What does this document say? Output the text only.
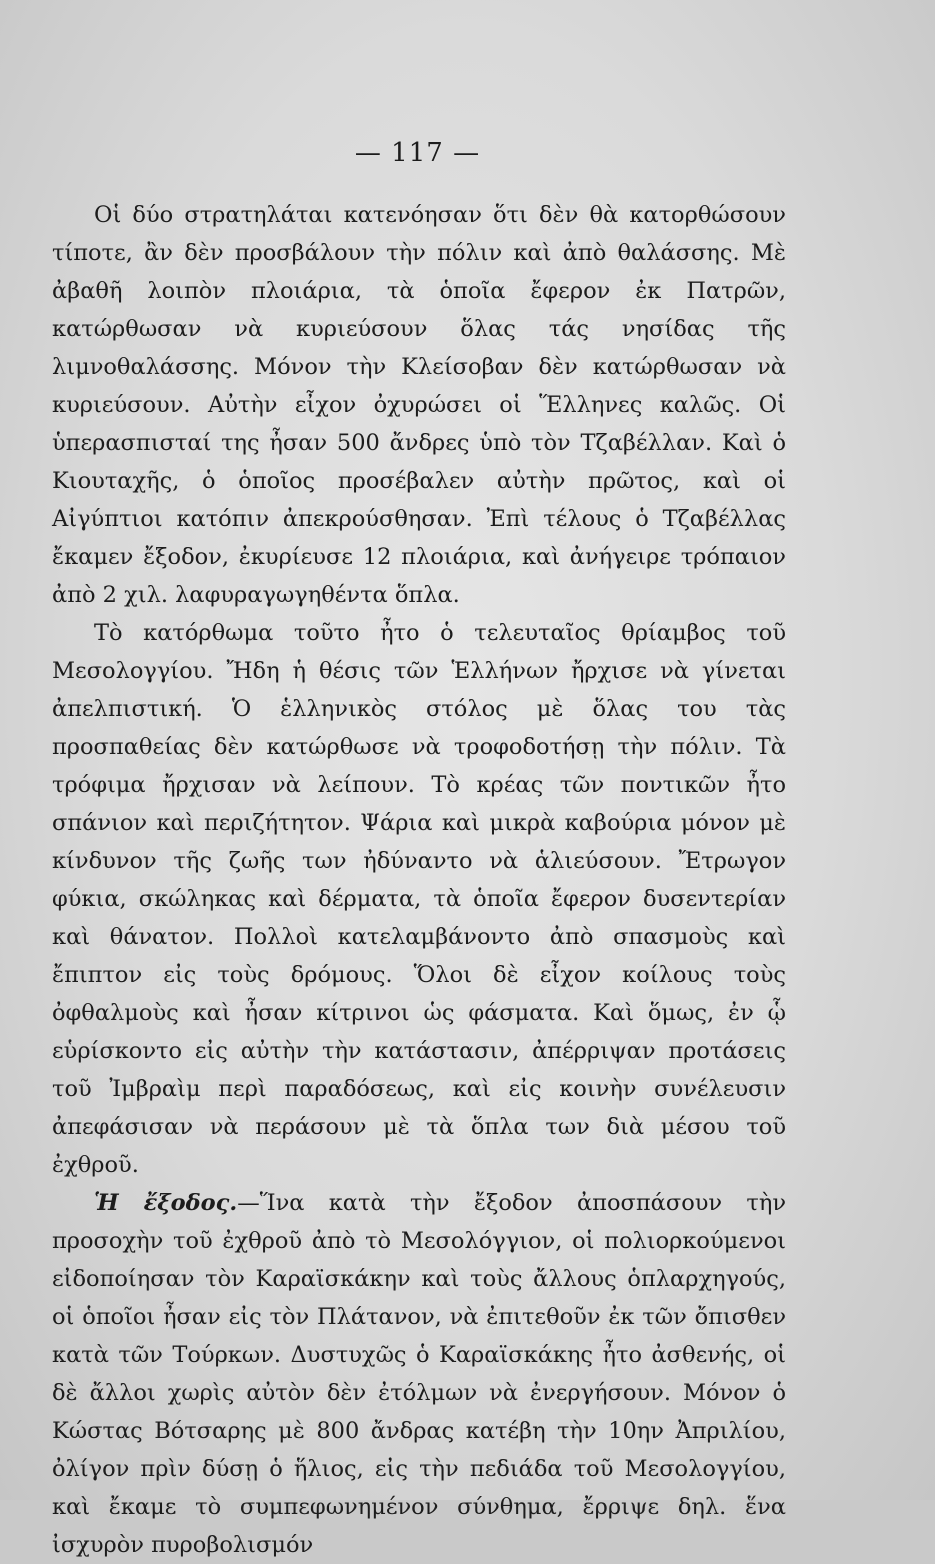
— 117 —

Οἱ δύο στρατηλάται κατενόησαν ὅτι δὲν θὰ κατορθώσουν τίποτε, ἂν δὲν προσβάλουν τὴν πόλιν καὶ ἀπὸ θαλάσσης. Μὲ ἀβαθῆ λοιπὸν πλοιάρια, τὰ ὁποῖα ἔφερον ἐκ Πατρῶν, κατώρθωσαν νὰ κυριεύσουν ὅλας τάς νησίδας τῆς λιμνοθαλάσσης. Μόνον τὴν Κλείσοβαν δὲν κατώρθωσαν νὰ κυριεύσουν. Αὐτὴν εἶχον ὀχυρώσει οἱ Ἕλληνες καλῶς. Οἱ ὑπερασπισταί της ἦσαν 500 ἄνδρες ὑπὸ τὸν Τζαβέλλαν. Καὶ ὁ Κιουταχῆς, ὁ ὁποῖος προσέβαλεν αὐτὴν πρῶτος, καὶ οἱ Αἰγύπτιοι κατόπιν ἀπεκρούσθησαν. Ἐπὶ τέλους ὁ Τζαβέλλας ἔκαμεν ἔξοδον, ἐκυρίευσε 12 πλοιάρια, καὶ ἀνήγειρε τρόπαιον ἀπὸ 2 χιλ. λαφυραγωγηθέντα ὅπλα.

Τὸ κατόρθωμα τοῦτο ἦτο ὁ τελευταῖος θρίαμβος τοῦ Μεσολογγίου. Ἤδη ἡ θέσις τῶν Ἑλλήνων ἤρχισε νὰ γίνεται ἀπελπιστική. Ὁ ἑλληνικὸς στόλος μὲ ὅλας του τὰς προσπαθείας δὲν κατώρθωσε νὰ τροφοδοτήσῃ τὴν πόλιν. Τὰ τρόφιμα ἤρχισαν νὰ λείπουν. Τὸ κρέας τῶν ποντικῶν ἦτο σπάνιον καὶ περιζήτητον. Ψάρια καὶ μικρὰ καβούρια μόνον μὲ κίνδυνον τῆς ζωῆς των ἠδύναντο νὰ ἁλιεύσουν. Ἔτρωγον φύκια, σκώληκας καὶ δέρματα, τὰ ὁποῖα ἔφερον δυσεντερίαν καὶ θάνατον. Πολλοὶ κατελαμβάνοντο ἀπὸ σπασμοὺς καὶ ἔπιπτον εἰς τοὺς δρόμους. Ὅλοι δὲ εἶχον κοίλους τοὺς ὀφθαλμοὺς καὶ ἦσαν κίτρινοι ὡς φάσματα. Καὶ ὅμως, ἐν ᾧ εὑρίσκοντο εἰς αὐτὴν τὴν κατάστασιν, ἀπέρριψαν προτάσεις τοῦ Ἰμβραὶμ περὶ παραδόσεως, καὶ εἰς κοινὴν συνέλευσιν ἀπεφάσισαν νὰ περάσουν μὲ τὰ ὅπλα των διὰ μέσου τοῦ ἐχθροῦ.

Ἡ ἔξοδος.—Ἵνα κατὰ τὴν ἔξοδον ἀποσπάσουν τὴν προσοχὴν τοῦ ἐχθροῦ ἀπὸ τὸ Μεσολόγγιον, οἱ πολιορκούμενοι εἰδοποίησαν τὸν Καραϊσκάκην καὶ τοὺς ἄλλους ὁπλαρχηγούς, οἱ ὁποῖοι ἦσαν εἰς τὸν Πλάτανον, νὰ ἐπιτεθοῦν ἐκ τῶν ὄπισθεν κατὰ τῶν Τούρκων. Δυστυχῶς ὁ Καραϊσκάκης ἦτο ἀσθενής, οἱ δὲ ἄλλοι χωρὶς αὐτὸν δὲν ἐτόλμων νὰ ἐνεργήσουν. Μόνον ὁ Κώστας Βότσαρης μὲ 800 ἄνδρας κατέβη τὴν 10ην Ἀπριλίου, ὀλίγον πρὶν δύσῃ ὁ ἥλιος, εἰς τὴν πεδιάδα τοῦ Μεσολογγίου, καὶ ἔκαμε τὸ συμπεφωνημένον σύνθημα, ἔρριψε δηλ. ἕνα ἰσχυρὸν πυροβολισμόν
